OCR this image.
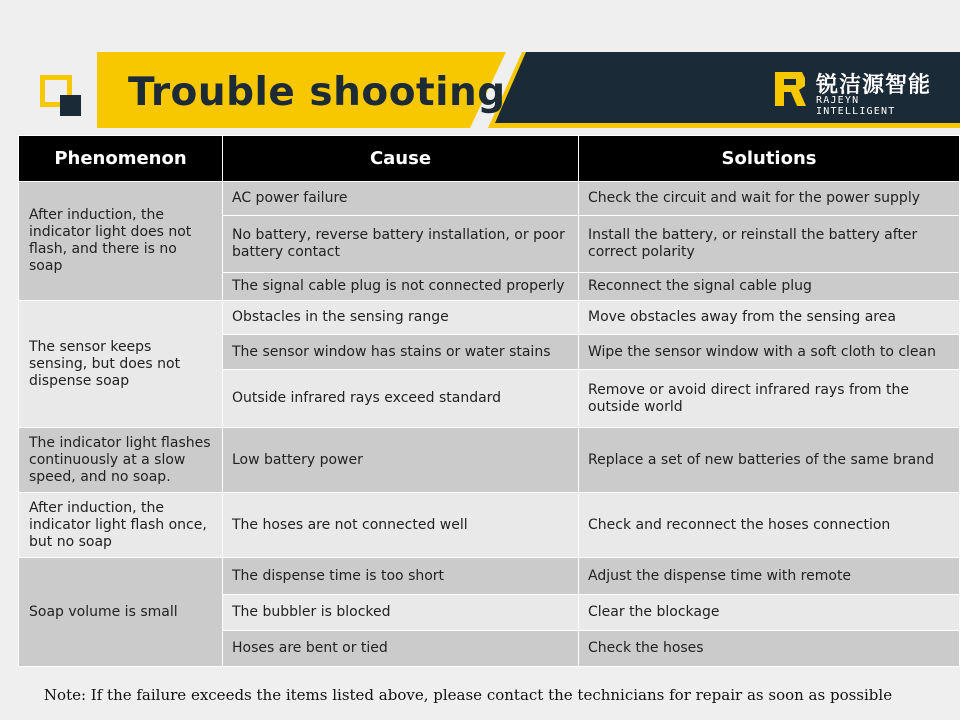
Trouble shooting	锐洁源智能
RAJEYN INTELLIGENT
Phenomenon	Cause	Solutions
After induction, the indicator light does not flash, and there is no soap	AC power failure	Check the circuit and wait for the power supply
	No battery, reverse battery installation, or poor battery contact	Install the battery, or reinstall the battery after correct polarity
	The signal cable plug is not connected properly	Reconnect the signal cable plug
The sensor keeps sensing, but does not dispense soap	Obstacles in the sensing range	Move obstacles away from the sensing area
	The sensor window has stains or water stains	Wipe the sensor window with a soft cloth to clean
	Outside infrared rays exceed standard	Remove or avoid direct infrared rays from the outside world
The indicator light flashes continuously at a slow speed, and no soap.	Low battery power	Replace a set of new batteries of the same brand
After induction, the indicator light flash once, but no soap	The hoses are not connected well	Check and reconnect the hoses connection
Soap volume is small	The dispense time is too short	Adjust the dispense time with remote
	The bubbler is blocked	Clear the blockage
	Hoses are bent or tied	Check the hoses
Note: If the failure exceeds the items listed above, please contact the technicians for repair as soon as possible
